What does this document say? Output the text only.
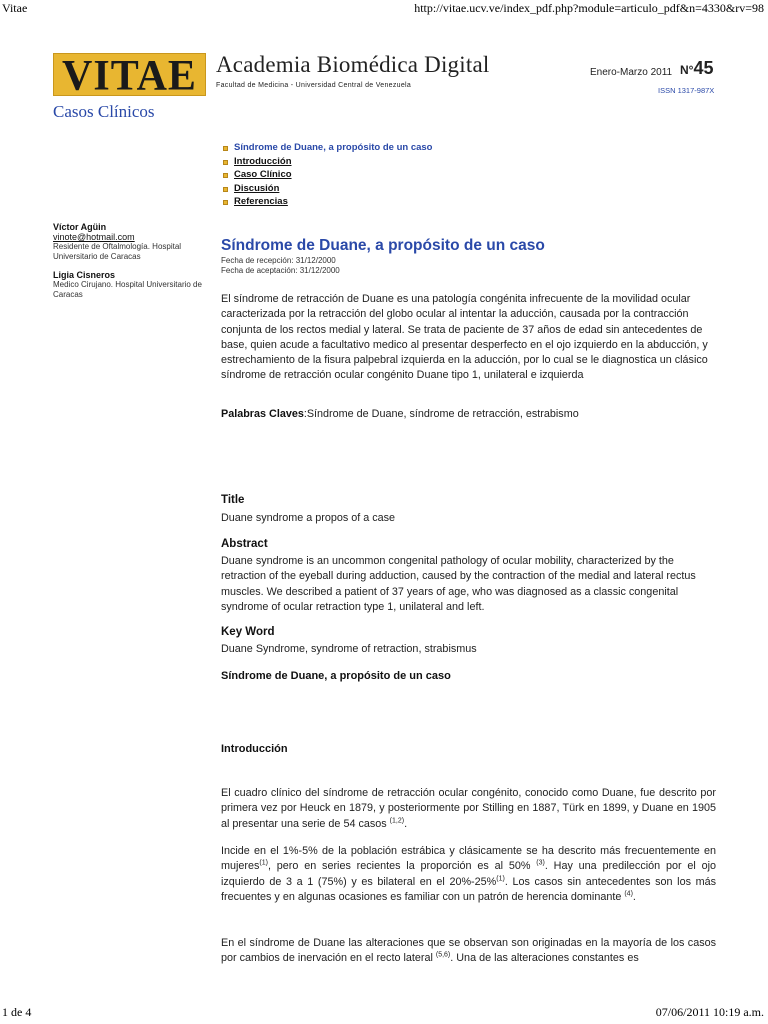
Vitae	http://vitae.ucv.ve/index_pdf.php?module=articulo_pdf&n=4330&rv=98
VITAE Academia Biomédica Digital
Facultad de Medicina - Universidad Central de Venezuela
Enero-Marzo 2011 N°45
ISSN 1317-987X
Casos Clínicos
Síndrome de Duane, a propósito de un caso
Introducción
Caso Clínico
Discusión
Referencias
Víctor Agüin
vinote@hotmail.com
Residente de Oftalmología. Hospital Universitario de Caracas
Ligia Cisneros
Medico Cirujano. Hospital Universitario de Caracas
Síndrome de Duane, a propósito de un caso
Fecha de recepción: 31/12/2000
Fecha de aceptación: 31/12/2000

El síndrome de retracción de Duane es una patología congénita infrecuente de la movilidad ocular caracterizada por la retracción del globo ocular al intentar la aducción, causada por la contracción conjunta de los rectos medial y lateral. Se trata de paciente de 37 años de edad sin antecedentes de base, quien acude a facultativo medico al presentar desperfecto en el ojo izquierdo en la abducción, y estrechamiento de la fisura palpebral izquierda en la aducción, por lo cual se le diagnostica un clásico síndrome de retracción ocular congénito Duane tipo 1, unilateral e izquierda

Palabras Claves:Síndrome de Duane, síndrome de retracción, estrabismo

Title

Duane syndrome a propos of a case

Abstract

Duane syndrome is an uncommon congenital pathology of ocular mobility, characterized by the retraction of the eyeball during adduction, caused by the contraction of the medial and lateral rectus muscles. We described a patient of 37 years of age, who was diagnosed as a classic congenital syndrome of ocular retraction type 1, unilateral and left.

Key Word

Duane Syndrome, syndrome of retraction, strabismus

Síndrome de Duane, a propósito de un caso
Introducción

El cuadro clínico del síndrome de retracción ocular congénito, conocido como Duane, fue descrito por primera vez por Heuck en 1879, y posteriormente por Stilling en 1887, Türk en 1899, y Duane en 1905 al presentar una serie de 54 casos $^{(1,2)}$.

Incide en el 1%-5% de la población estrábica y clásicamente se ha descrito más frecuentemente en mujeres$^{(1)}$, pero en series recientes la proporción es al 50% $^{(3)}$. Hay una predilección por el ojo izquierdo de 3 a 1 (75%) y es bilateral en el 20%-25%$^{(1)}$. Los casos sin antecedentes son los más frecuentes y en algunas ocasiones es familiar con un patrón de herencia dominante $^{(4)}$.

En el síndrome de Duane las alteraciones que se observan son originadas en la mayoría de los casos por cambios de inervación en el recto lateral $^{(5,6)}$. Una de las alteraciones constantes es

1 de 4	07/06/2011 10:19 a.m.
